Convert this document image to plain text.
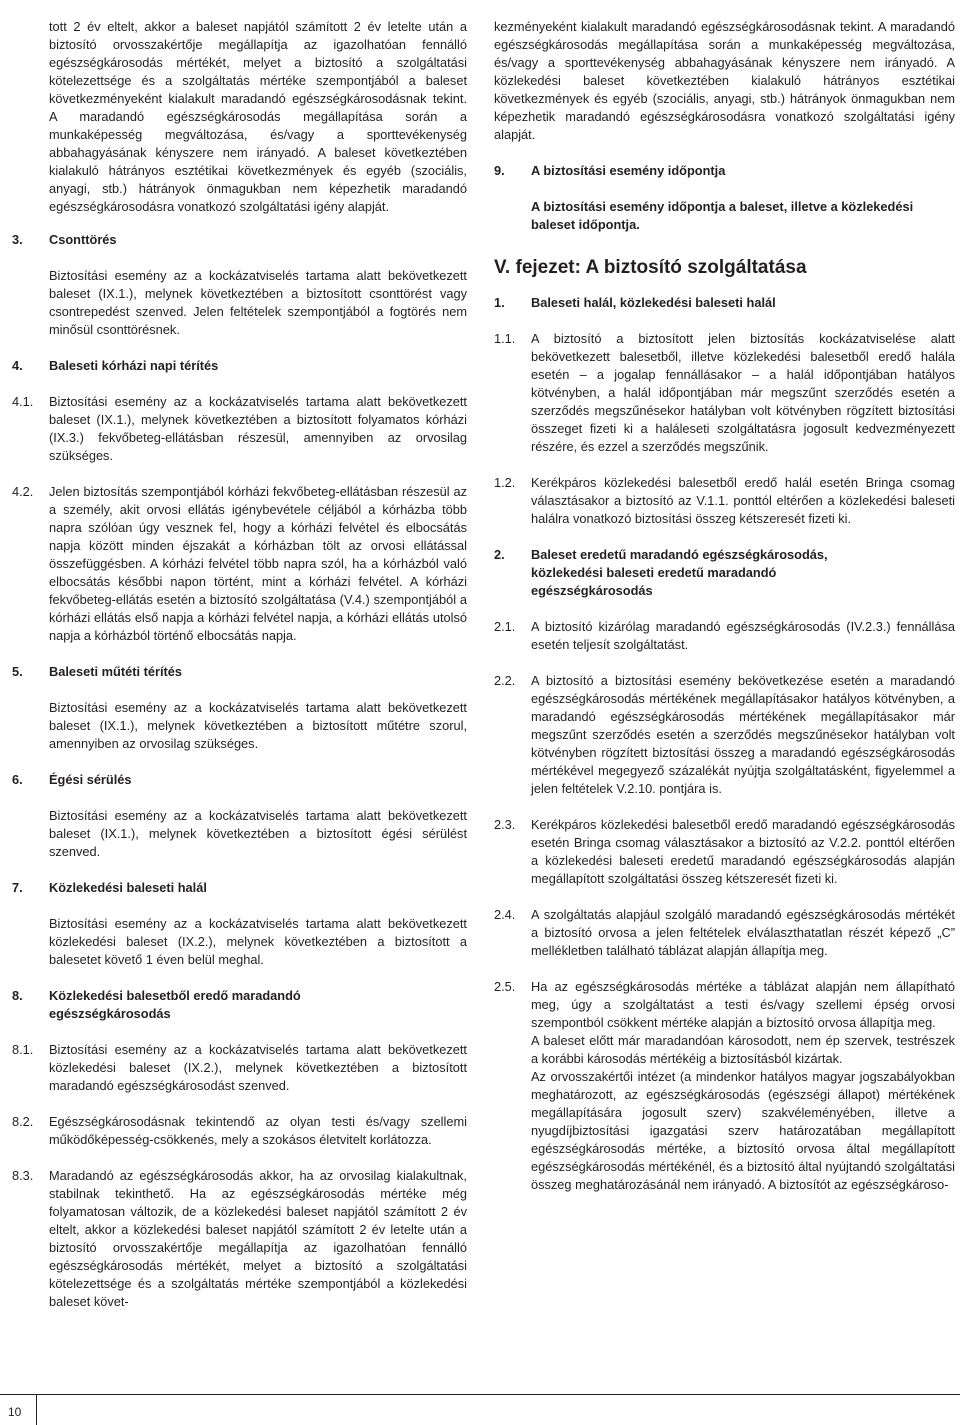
tott 2 év eltelt, akkor a baleset napjától számított 2 év letelte után a biztosító orvosszakértője megállapítja az igazolhatóan fennálló egészségkárosodás mértékét, melyet a biztosító a szolgáltatási kötelezettsége és a szolgáltatás mértéke szempontjából a baleset következményeként kialakult maradandó egészségkárosodásnak tekint. A maradandó egészségkárosodás megállapítása során a munkaképesség megváltozása, és/vagy a sporttevékenység abbahagyásának kényszere nem irányadó. A baleset következtében kialakuló hátrányos esztétikai következmények és egyéb (szociális, anyagi, stb.) hátrányok önmagukban nem képezhetik maradandó egészségkárosodásra vonatkozó szolgáltatási igény alapját.
3.	Csonttörés
Biztosítási esemény az a kockázatviselés tartama alatt bekövetkezett baleset (IX.1.), melynek következtében a biztosított csonttörést vagy csontrepedést szenved. Jelen feltételek szempontjából a fogtörés nem minősül csonttörésnek.
4.	Baleseti kórházi napi térítés
4.1.	Biztosítási esemény az a kockázatviselés tartama alatt bekövetkezett baleset (IX.1.), melynek következtében a biztosított folyamatos kórházi (IX.3.) fekvőbeteg-ellátásban részesül, amennyiben az orvosilag szükséges.
4.2.	Jelen biztosítás szempontjából kórházi fekvőbeteg-ellátásban részesül az a személy, akit orvosi ellátás igénybevétele céljából a kórházba több napra szólóan úgy vesznek fel, hogy a kórházi felvétel és elbocsátás napja között minden éjszakát a kórházban tölt az orvosi ellátással összefüggésben. A kórházi felvétel több napra szól, ha a kórházból való elbocsátás későbbi napon történt, mint a kórházi felvétel. A kórházi fekvőbeteg-ellátás esetén a biztosító szolgáltatása (V.4.) szempontjából a kórházi ellátás első napja a kórházi felvétel napja, a kórházi ellátás utolsó napja a kórházból történő elbocsátás napja.
5.	Baleseti műtéti térítés
Biztosítási esemény az a kockázatviselés tartama alatt bekövetkezett baleset (IX.1.), melynek következtében a biztosított műtétre szorul, amennyiben az orvosilag szükséges.
6.	Égési sérülés
Biztosítási esemény az a kockázatviselés tartama alatt bekövetkezett baleset (IX.1.), melynek következtében a biztosított égési sérülést szenved.
7.	Közlekedési baleseti halál
Biztosítási esemény az a kockázatviselés tartama alatt bekövetkezett közlekedési baleset (IX.2.), melynek következtében a biztosított a balesetet követő 1 éven belül meghal.
8.	Közlekedési balesetből eredő maradandó
egészségkárosodás
8.1.	Biztosítási esemény az a kockázatviselés tartama alatt bekövetkezett közlekedési baleset (IX.2.), melynek következtében a biztosított maradandó egészségkárosodást szenved.
8.2.	Egészségkárosodásnak tekintendő az olyan testi és/vagy szellemi működőképesség-csökkenés, mely a szokásos életvitelt korlátozza.
8.3.	Maradandó az egészségkárosodás akkor, ha az orvosilag kialakultnak, stabilnak tekinthető. Ha az egészségkárosodás mértéke még folyamatosan változik, de a közlekedési baleset napjától számított 2 év eltelt, akkor a közlekedési baleset napjától számított 2 év letelte után a biztosító orvosszakértője megállapítja az igazolhatóan fennálló egészségkárosodás mértékét, melyet a biztosító a szolgáltatási kötelezettsége és a szolgáltatás mértéke szempontjából a közlekedési baleset követ-
kezményeként kialakult maradandó egészségkárosodásnak tekint. A maradandó egészségkárosodás megállapítása során a munkaképesség megváltozása, és/vagy a sporttevékenység abbahagyásának kényszere nem irányadó. A közlekedési baleset következtében kialakuló hátrányos esztétikai következmények és egyéb (szociális, anyagi, stb.) hátrányok önmagukban nem képezhetik maradandó egészségkárosodásra vonatkozó szolgáltatási igény alapját.
9.	A biztosítási esemény időpontja
A biztosítási esemény időpontja a baleset, illetve a közlekedési baleset időpontja.
V. fejezet: A biztosító szolgáltatása
1.	Baleseti halál, közlekedési baleseti halál
1.1.	A biztosító a biztosított jelen biztosítás kockázatviselése alatt bekövetkezett balesetből, illetve közlekedési balesetből eredő halála esetén – a jogalap fennállásakor – a halál időpontjában hatályos kötvényben, a halál időpontjában már megszűnt szerződés esetén a szerződés megszűnésekor hatályban volt kötvényben rögzített biztosítási összeget fizeti ki a haláleseti szolgáltatásra jogosult kedvezményezett részére, és ezzel a szerződés megszűnik.
1.2.	Kerékpáros közlekedési balesetből eredő halál esetén Bringa csomag választásakor a biztosító az V.1.1. ponttól eltérően a közlekedési baleseti halálra vonatkozó biztosítási összeg kétszeresét fizeti ki.
2.	Baleset eredetű maradandó egészségkárosodás,
közlekedési baleseti eredetű maradandó
egészségkárosodás
2.1.	A biztosító kizárólag maradandó egészségkárosodás (IV.2.3.) fennállása esetén teljesít szolgáltatást.
2.2.	A biztosító a biztosítási esemény bekövetkezése esetén a maradandó egészségkárosodás mértékének megállapításakor hatályos kötvényben, a maradandó egészségkárosodás mértékének megállapításakor már megszűnt szerződés esetén a szerződés megszűnésekor hatályban volt kötvényben rögzített biztosítási összeg a maradandó egészségkárosodás mértékével megegyező százalékát nyújtja szolgáltatásként, figyelemmel a jelen feltételek V.2.10. pontjára is.
2.3.	Kerékpáros közlekedési balesetből eredő maradandó egészségkárosodás esetén Bringa csomag választásakor a biztosító az V.2.2. ponttól eltérően a közlekedési baleseti eredetű maradandó egészségkárosodás alapján megállapított szolgáltatási összeg kétszeresét fizeti ki.
2.4.	A szolgáltatás alapjául szolgáló maradandó egészségkárosodás mértékét a biztosító orvosa a jelen feltételek elválaszthatatlan részét képező „C” mellékletben található táblázat alapján állapítja meg.
2.5.	Ha az egészségkárosodás mértéke a táblázat alapján nem állapítható meg, úgy a szolgáltatást a testi és/vagy szellemi épség orvosi szempontból csökkent mértéke alapján a biztosító orvosa állapítja meg.

A baleset előtt már maradandóan károsodott, nem ép szervek, testrészek a korábbi károsodás mértékéig a biztosításból kizártak.

Az orvosszakértői intézet (a mindenkor hatályos magyar jogszabályokban meghatározott, az egészségkárosodás (egészségi állapot) mértékének megállapítására jogosult szerv) szakvéleményében, illetve a nyugdíjbiztosítási igazgatási szerv határozatában megállapított egészségkárosodás mértéke, a biztosító orvosa által megállapított egészségkárosodás mértékénél, és a biztosító által nyújtandó szolgáltatási összeg meghatározásánál nem irányadó. A biztosítót az egészségkároso-

10
